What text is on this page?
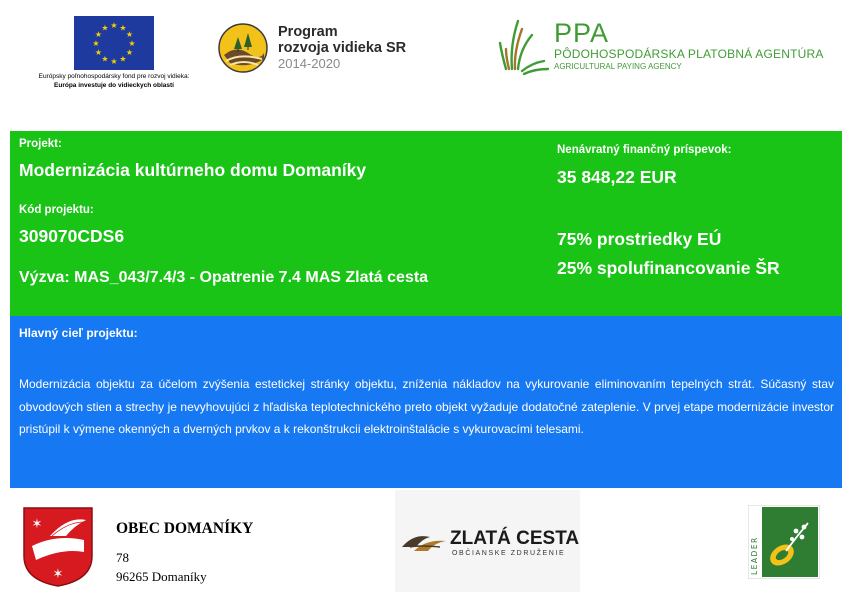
★ ★
★
★
★
★
★
★
★
★
★
★
Európsky poľnohospodársky fond pre rozvoj vidieka:
Európa investuje do vidieckych oblastí
Program
rozvoja vidieka SR
2014-2020
PPA
PÔDOHOSPODÁRSKA PLATOBNÁ AGENTÚRA
AGRICULTURAL PAYING AGENCY
Projekt:
Modernizácia kultúrneho domu Domaníky
Kód projektu:
309070CDS6
Výzva: MAS_043/7.4/3 - Opatrenie 7.4 MAS Zlatá cesta
Nenávratný finančný príspevok:
35 848,22 EUR
75% prostriedky EÚ
25% spolufinancovanie ŠR
Hlavný cieľ projektu:
Modernizácia objektu za účelom zvýšenia estetickej stránky objektu, zníženia nákladov na vykurovanie eliminovaním tepelných strát. Súčasný stav obvodových stien a strechy je nevyhovujúci z hľadiska teplotechnického preto objekt vyžaduje dodatočné zateplenie. V prvej etape modernizácie investor pristúpil k výmene okenných a dverných prvkov a k rekonštrukcii elektroinštalácie s vykurovacími telesami.
✶
✶
OBEC DOMANÍKY
78
96265 Domaníky
ZLATÁ CESTA
OBČIANSKE ZDRUŽENIE	LEADER
